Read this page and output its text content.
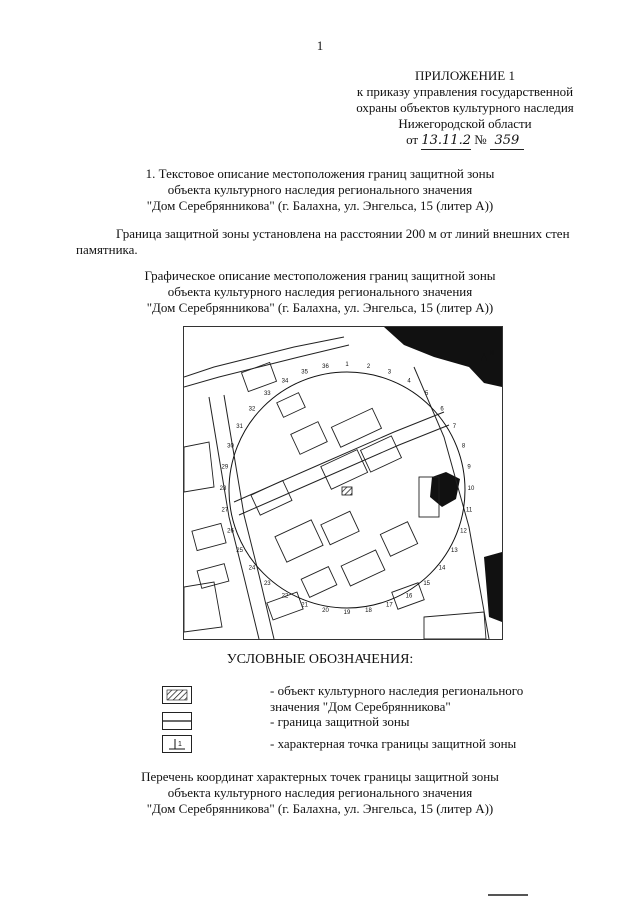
1
ПРИЛОЖЕНИЕ 1
к приказу управления государственной
охраны объектов культурного наследия
Нижегородской области
от 13.11.2 № 359
1. Текстовое описание местоположения границ защитной зоны
объекта культурного наследия регионального значения
"Дом Серебрянникова" (г. Балахна, ул. Энгельса, 15 (литер А))
Граница защитной зоны установлена на расстоянии 200 м от линий внешних стен
памятника.
Графическое описание местоположения границ защитной зоны
объекта культурного наследия регионального значения
"Дом Серебрянникова" (г. Балахна, ул. Энгельса, 15 (литер А))
N
1	2
3
4
5
6
7
8
9
10
11
12
13
14
15
16
17
18
19
20
21
22
23
24
25
26
27
28
29
30
31
32
33
34
35
36
УСЛОВНЫЕ ОБОЗНАЧЕНИЯ:
- объект культурного наследия регионального
значения "Дом Серебрянникова"
- граница защитной зоны
1	- характерная точка границы защитной зоны
Перечень координат характерных точек границы защитной зоны
объекта культурного наследия регионального значения
"Дом Серебрянникова" (г. Балахна, ул. Энгельса, 15 (литер А))
